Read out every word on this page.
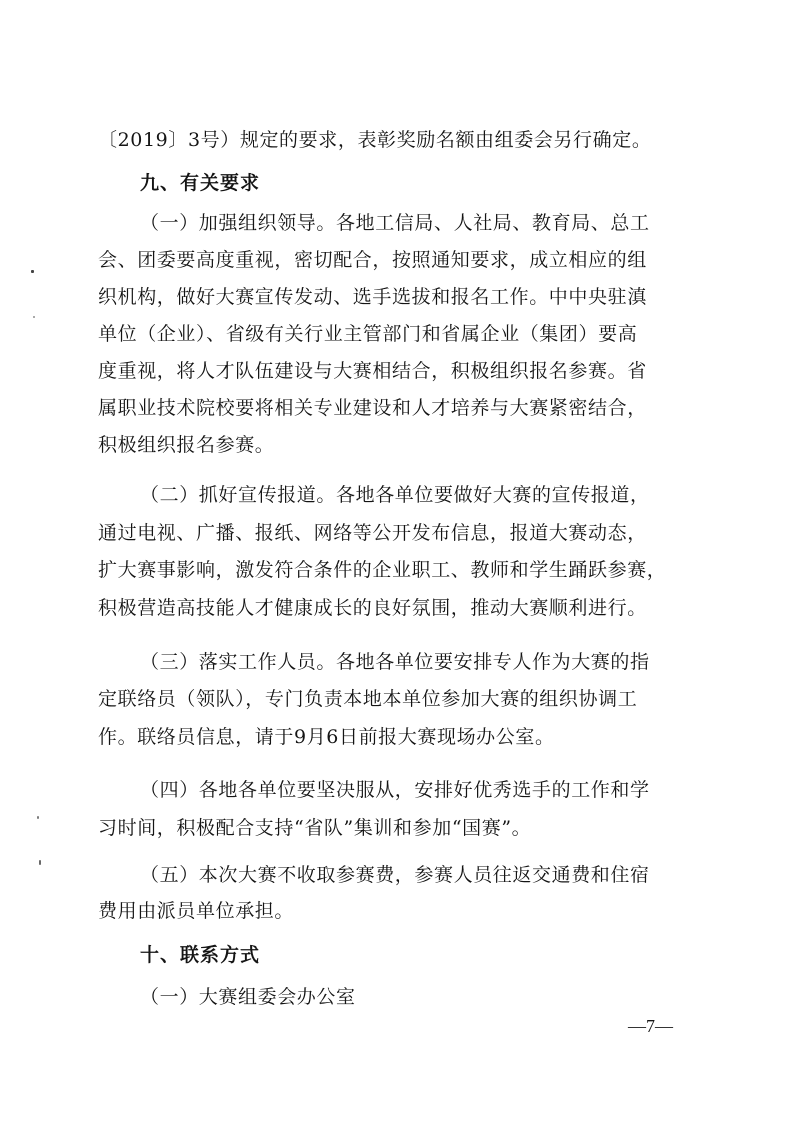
〔2019〕3号）规定的要求，表彰奖励名额由组委会另行确定。
九、有关要求
（一）加强组织领导。各地工信局、人社局、教育局、总工
会、团委要高度重视，密切配合，按照通知要求，成立相应的组
织机构，做好大赛宣传发动、选手选拔和报名工作。中中央驻滇
单位（企业）、省级有关行业主管部门和省属企业（集团）要高
度重视，将人才队伍建设与大赛相结合，积极组织报名参赛。省
属职业技术院校要将相关专业建设和人才培养与大赛紧密结合，
积极组织报名参赛。
（二）抓好宣传报道。各地各单位要做好大赛的宣传报道，
通过电视、广播、报纸、网络等公开发布信息，报道大赛动态，
扩大赛事影响，激发符合条件的企业职工、教师和学生踊跃参赛，
积极营造高技能人才健康成长的良好氛围，推动大赛顺利进行。
（三）落实工作人员。各地各单位要安排专人作为大赛的指
定联络员（领队），专门负责本地本单位参加大赛的组织协调工
作。联络员信息，请于9月6日前报大赛现场办公室。
（四）各地各单位要坚决服从，安排好优秀选手的工作和学
习时间，积极配合支持“省队”集训和参加“国赛”。
（五）本次大赛不收取参赛费，参赛人员往返交通费和住宿
费用由派员单位承担。
十、联系方式
（一）大赛组委会办公室
—7—
